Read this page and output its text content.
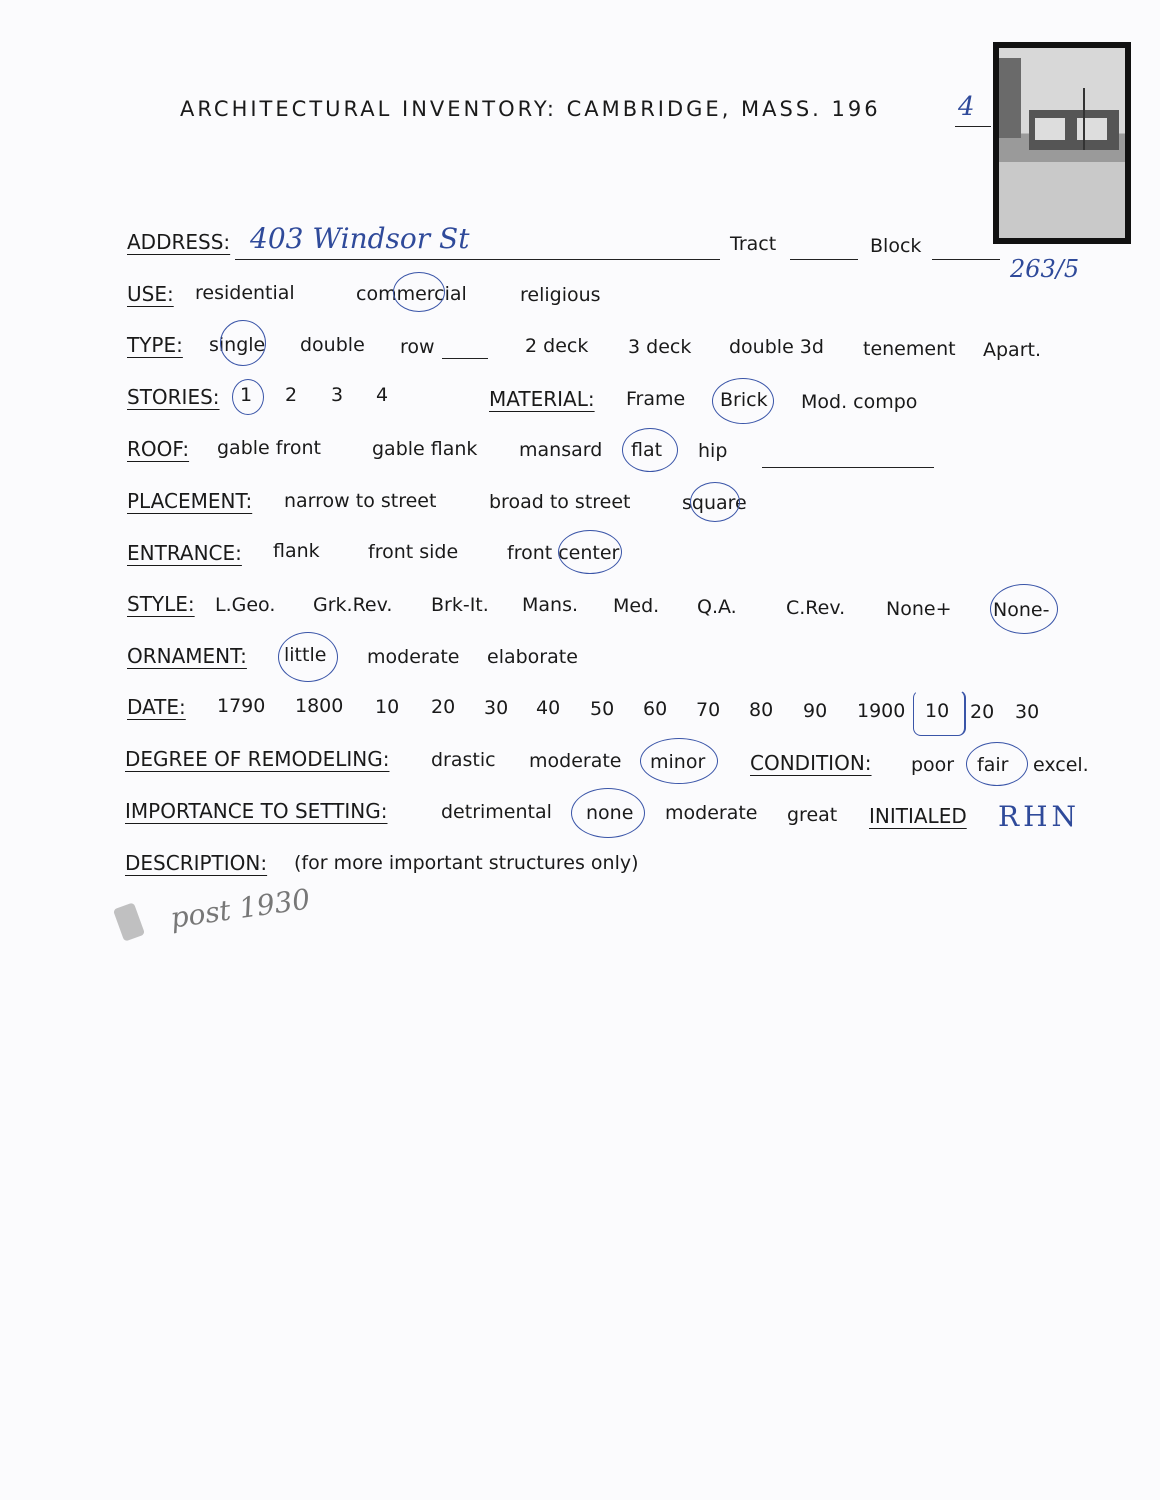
ARCHITECTURAL INVENTORY: CAMBRIDGE, MASS. 196	4
ADDRESS: 403 Windsor St	Tract	Block
263/5
USE: residential	commercial	religious
TYPE: single double row	2 deck 3 deck double 3d tenement Apart.
STORIES: 1 2 3 4	MATERIAL: Frame Brick Mod. compo
ROOF: gable front	gable flank mansard flat hip
PLACEMENT: narrow to street	broad to street	square
ENTRANCE: flank	front side	front center
STYLE: L.Geo. Grk.Rev. Brk-It. Mans. Med. Q.A.	C.Rev. None+ None-
ORNAMENT: little moderate elaborate
DATE: 1790 1800 10 20 30 40 50 60 70 80 90 1900 10 20 30
DEGREE OF REMODELING: drastic moderate minor CONDITION: poor fair excel.
IMPORTANCE TO SETTING:	detrimental none moderate great INITIALED RHN
DESCRIPTION: (for more important structures only)
post 1930
